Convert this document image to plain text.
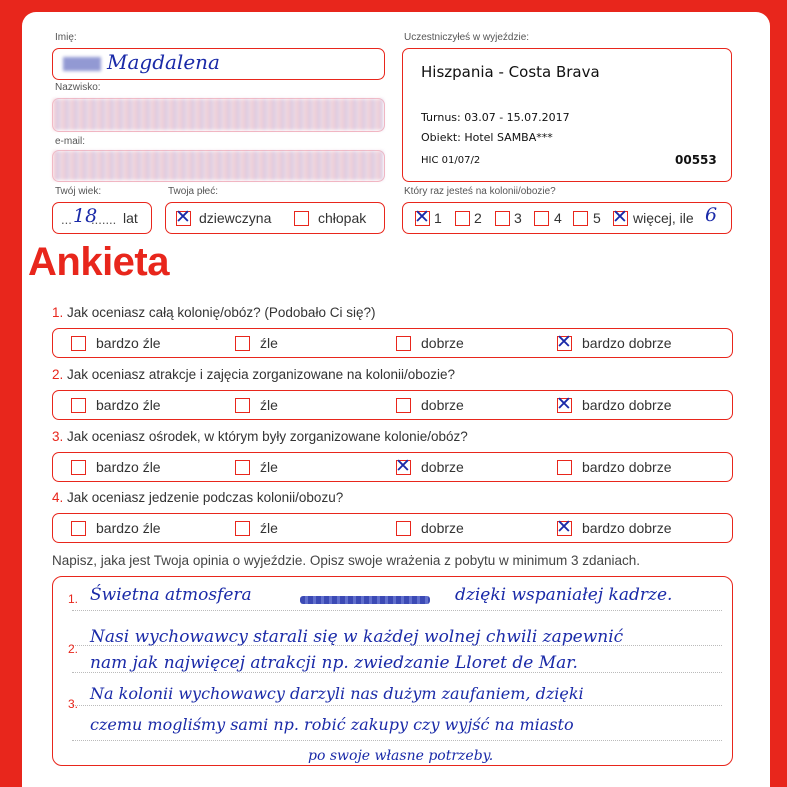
Imię:
Magdalena
Nazwisko:
e-mail:
Twój wiek:
... 18
....... lat
Twoja płeć:
✕ dziewczyna	chłopak
Uczestniczyłeś w wyjeździe:
Hiszpania - Costa Brava
Turnus: 03.07 - 15.07.2017
Obiekt: Hotel SAMBA***
HIC 01/07/2	00553
Który raz jesteś na kolonii/obozie?
✕ 1 2 3 4 5 ✕ więcej, ile 6
Ankieta
1. Jak oceniasz całą kolonię/obóz? (Podobało Ci się?)
bardzo źle	źle	dobrze	✕ bardzo dobrze
2. Jak oceniasz atrakcje i zajęcia zorganizowane na kolonii/obozie?
bardzo źle	źle	dobrze	✕ bardzo dobrze
3. Jak oceniasz ośrodek, w którym były zorganizowane kolonie/obóz?
bardzo źle	źle	✕ dobrze	bardzo dobrze
4. Jak oceniasz jedzenie podczas kolonii/obozu?
bardzo źle	źle	dobrze	✕ bardzo dobrze
Napisz, jaka jest Twoja opinia o wyjeździe. Opisz swoje wrażenia z pobytu w minimum 3 zdaniach.
1.
2.
3.
Świetna atmosfera	dzięki wspaniałej kadrze.
Nasi wychowawcy starali się w każdej wolnej chwili zapewnić
nam jak najwięcej atrakcji np. zwiedzanie Lloret de Mar.
Na kolonii wychowawcy darzyli nas dużym zaufaniem, dzięki
czemu mogliśmy sami np. robić zakupy czy wyjść na miasto
po swoje własne potrzeby.
